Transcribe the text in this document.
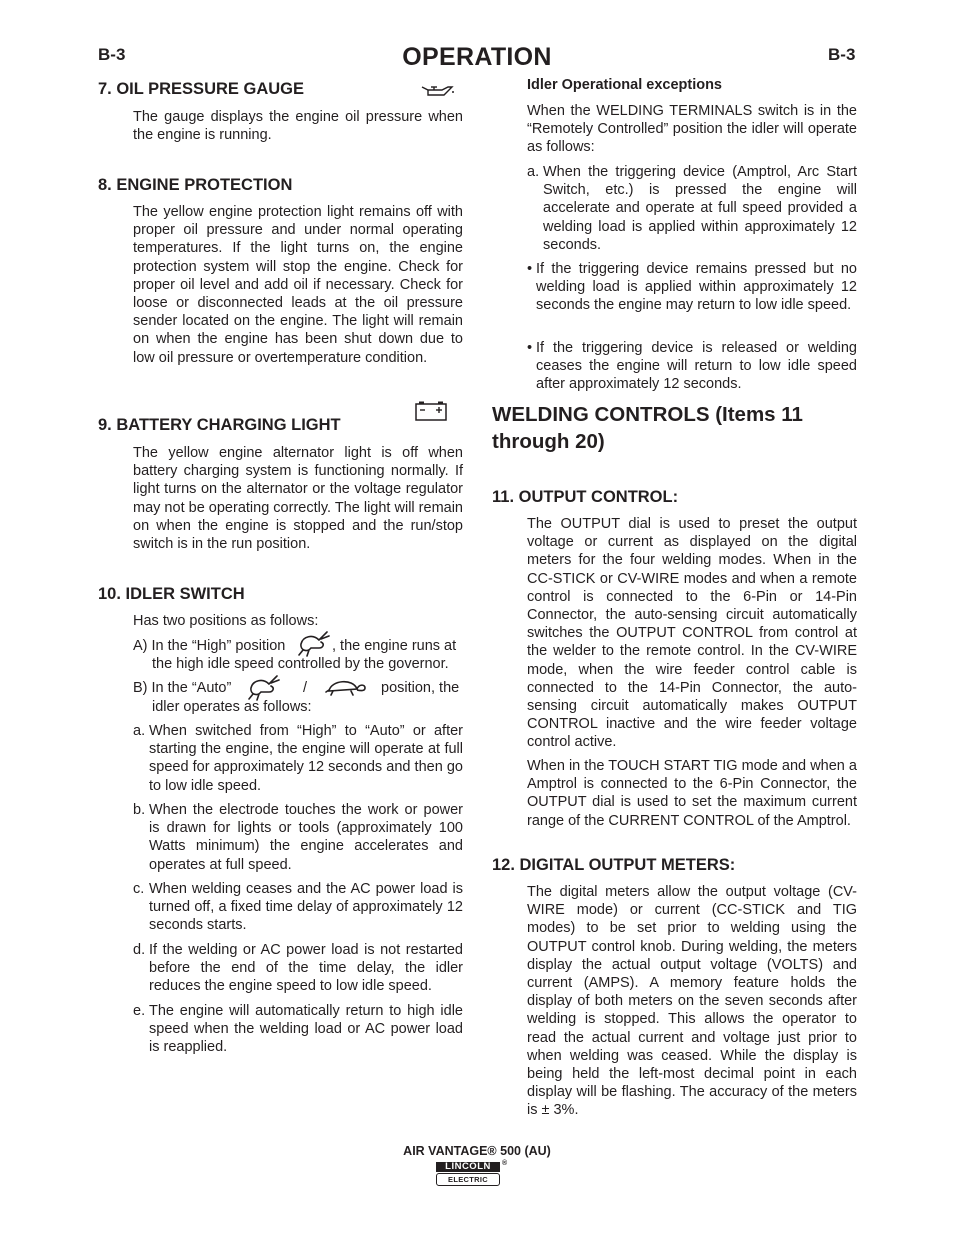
B-3	OPERATION	B-3
7. OIL PRESSURE GAUGE
The gauge displays the engine oil pressure when the engine is running.
8. ENGINE PROTECTION
The yellow engine protection light remains off with proper oil pressure and under normal operating temperatures. If the light turns on, the engine protection system will stop the engine. Check for proper oil level and add oil if necessary. Check for loose or disconnected leads at the oil pressure sender located on the engine. The light will remain on when the engine has been shut down due to low oil pressure or overtemperature condition.
9. BATTERY CHARGING LIGHT
The yellow engine alternator light is off when battery charging system is functioning normally. If light turns on the alternator or the voltage regulator may not be operating correctly. The light will remain on when the engine is stopped and the run/stop switch is in the run position.
10. IDLER SWITCH
Has two positions as follows:
A) In the “High” position	, the engine runs at
the high idle speed controlled by the governor.
B) In the “Auto”	/	position, the
idler operates as follows:
a. When switched from “High” to “Auto” or after starting the engine, the engine will operate at full speed for approximately 12 seconds and then go to low idle speed.
b. When the electrode touches the work or power is drawn for lights or tools (approximately 100 Watts minimum) the engine accelerates and operates at full speed.
c. When welding ceases and the AC power load is turned off, a fixed time delay of approximately 12 seconds starts.
d. If the welding or AC power load is not restarted before the end of the time delay, the idler reduces the engine speed to low idle speed.
e. The engine will automatically return to high idle speed when the welding load or AC power load is reapplied.
Idler Operational exceptions
When the WELDING TERMINALS switch is in the “Remotely Controlled” position the idler will operate as follows:
a. When the triggering device (Amptrol, Arc Start Switch, etc.) is pressed the engine will accelerate and operate at full speed provided a welding load is applied within approximately 12 seconds.
• If the triggering device remains pressed but no welding load is applied within approximately 12 seconds the engine may return to low idle speed.
• If the triggering device is released or welding ceases the engine will return to low idle speed after approximately 12 seconds.
WELDING CONTROLS (Items 11
through 20)
11. OUTPUT CONTROL:
The OUTPUT dial is used to preset the output voltage or current as displayed on the digital meters for the four welding modes. When in the CC-STICK or CV-WIRE modes and when a remote control is connected to the 6-Pin or 14-Pin Connector, the auto-sensing circuit automatically switches the OUTPUT CONTROL from control at the welder to the remote control. In the CV-WIRE mode, when the wire feeder control cable is connected to the 14-Pin Connector, the auto-sensing circuit automatically makes OUTPUT CONTROL inactive and the wire feeder voltage control active.
When in the TOUCH START TIG mode and when a Amptrol is connected to the 6-Pin Connector, the OUTPUT dial is used to set the maximum current range of the CURRENT CONTROL of the Amptrol.
12. DIGITAL OUTPUT METERS:
The digital meters allow the output voltage (CV-WIRE mode) or current (CC-STICK and TIG modes) to be set prior to welding using the OUTPUT control knob. During welding, the meters display the actual output voltage (VOLTS) and current (AMPS). A memory feature holds the display of both meters on the seven seconds after welding is stopped. This allows the operator to read the actual current and voltage just prior to when welding was ceased. While the display is being held the left-most decimal point in each display will be flashing. The accuracy of the meters is ± 3%.
AIR VANTAGE® 500 (AU)
LINCOLN	®
ELECTRIC
